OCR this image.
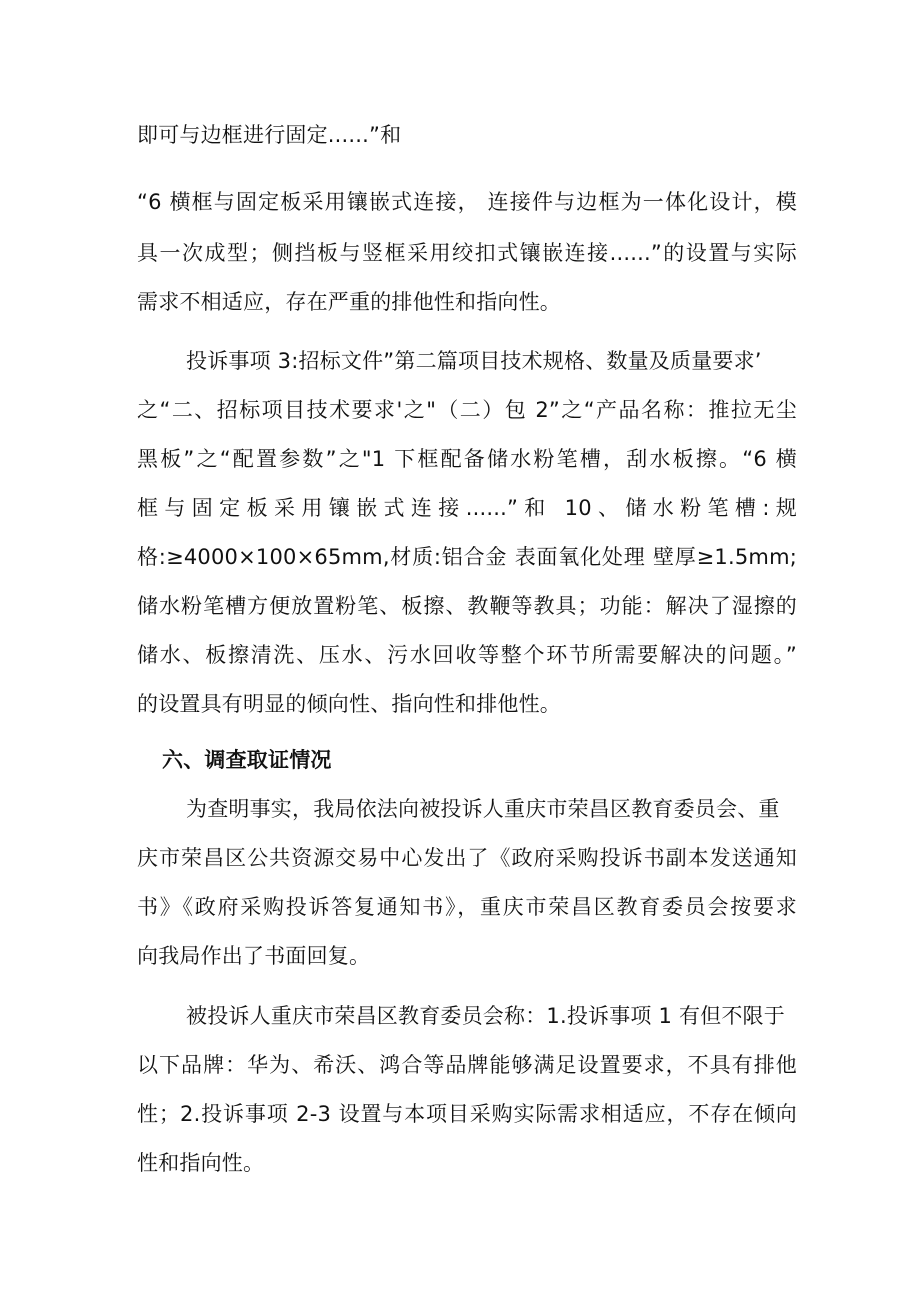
即可与边框进行固定......”和
“6 横框与固定板采用镶嵌式连接， 连接件与边框为一体化设计，模
具一次成型；侧挡板与竖框采用绞扣式镶嵌连接......”的设置与实际
需求不相适应，存在严重的排他性和指向性。
投诉事项 3:招标文件”第二篇项目技术规格、数量及质量要求’
之“二、招标项目技术要求'之"（二）包 2”之“产品名称：推拉无尘
黑板”之“配置参数”之"1 下框配备储水粉笔槽，刮水板擦。“6 横
框与固定板采用镶嵌式连接......”和 10、储水粉笔槽:规
格:≥4000×100×65mm,材质:铝合金 表面氧化处理 壁厚≥1.5mm;
储水粉笔槽方便放置粉笔、板擦、教鞭等教具；功能：解决了湿擦的
储水、板擦清洗、压水、污水回收等整个环节所需要解决的问题。”
的设置具有明显的倾向性、指向性和排他性。
六、调查取证情况
为查明事实，我局依法向被投诉人重庆市荣昌区教育委员会、重
庆市荣昌区公共资源交易中心发出了《政府采购投诉书副本发送通知
书》《政府采购投诉答复通知书》，重庆市荣昌区教育委员会按要求
向我局作出了书面回复。
被投诉人重庆市荣昌区教育委员会称：1.投诉事项 1 有但不限于
以下品牌：华为、希沃、鸿合等品牌能够满足设置要求，不具有排他
性；2.投诉事项 2-3 设置与本项目采购实际需求相适应，不存在倾向
性和指向性。
